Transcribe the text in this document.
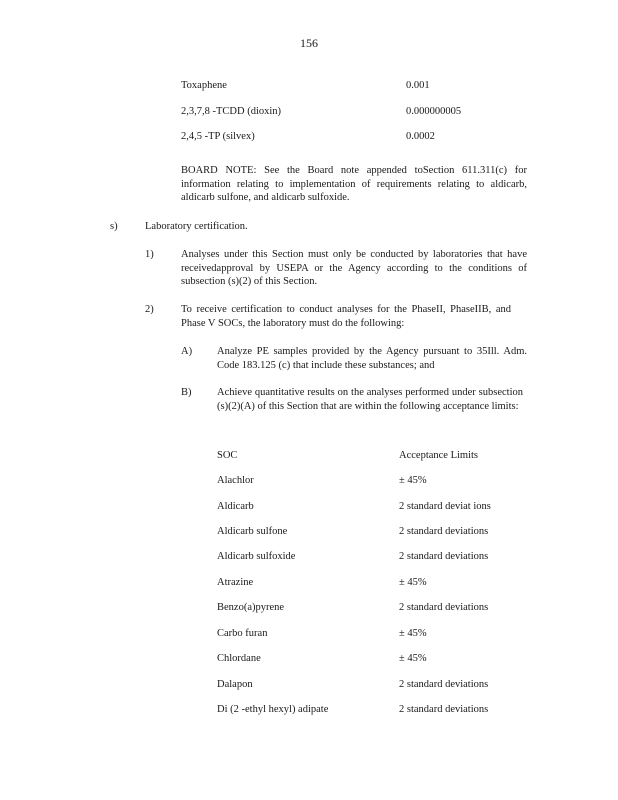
156
Toxaphene	0.001
2,3,7,8 -TCDD (dioxin)	0.000000005
2,4,5 -TP (silvex)	0.0002
BOARD NOTE: See the Board note appended toSection 611.311(c) for information relating to implementation of requirements relating to aldicarb, aldicarb sulfone, and aldicarb sulfoxide.
s)	Laboratory certification.
1)	Analyses under this Section must only be conducted by laboratories that have receivedapproval by USEPA or the Agency according to the conditions of subsection (s)(2) of this Section.
2)	To receive certification to conduct analyses for the PhaseII, PhaseIIB, and Phase V SOCs, the laboratory must do the following:
A) Analyze PE samples provided by the Agency pursuant to 35Ill. Adm. Code 183.125 (c) that include these substances; and
B) Achieve quantitative results on the analyses performed under subsection (s)(2)(A) of this Section that are within the following acceptance limits:
SOC	Acceptance Limits
Alachlor	± 45%
Aldicarb	2 standard deviat ions
Aldicarb sulfone	2 standard deviations
Aldicarb sulfoxide	2 standard deviations
Atrazine	± 45%
Benzo(a)pyrene	2 standard deviations
Carbo furan	± 45%
Chlordane	± 45%
Dalapon	2 standard deviations
Di (2 -ethyl hexyl) adipate	2 standard deviations
